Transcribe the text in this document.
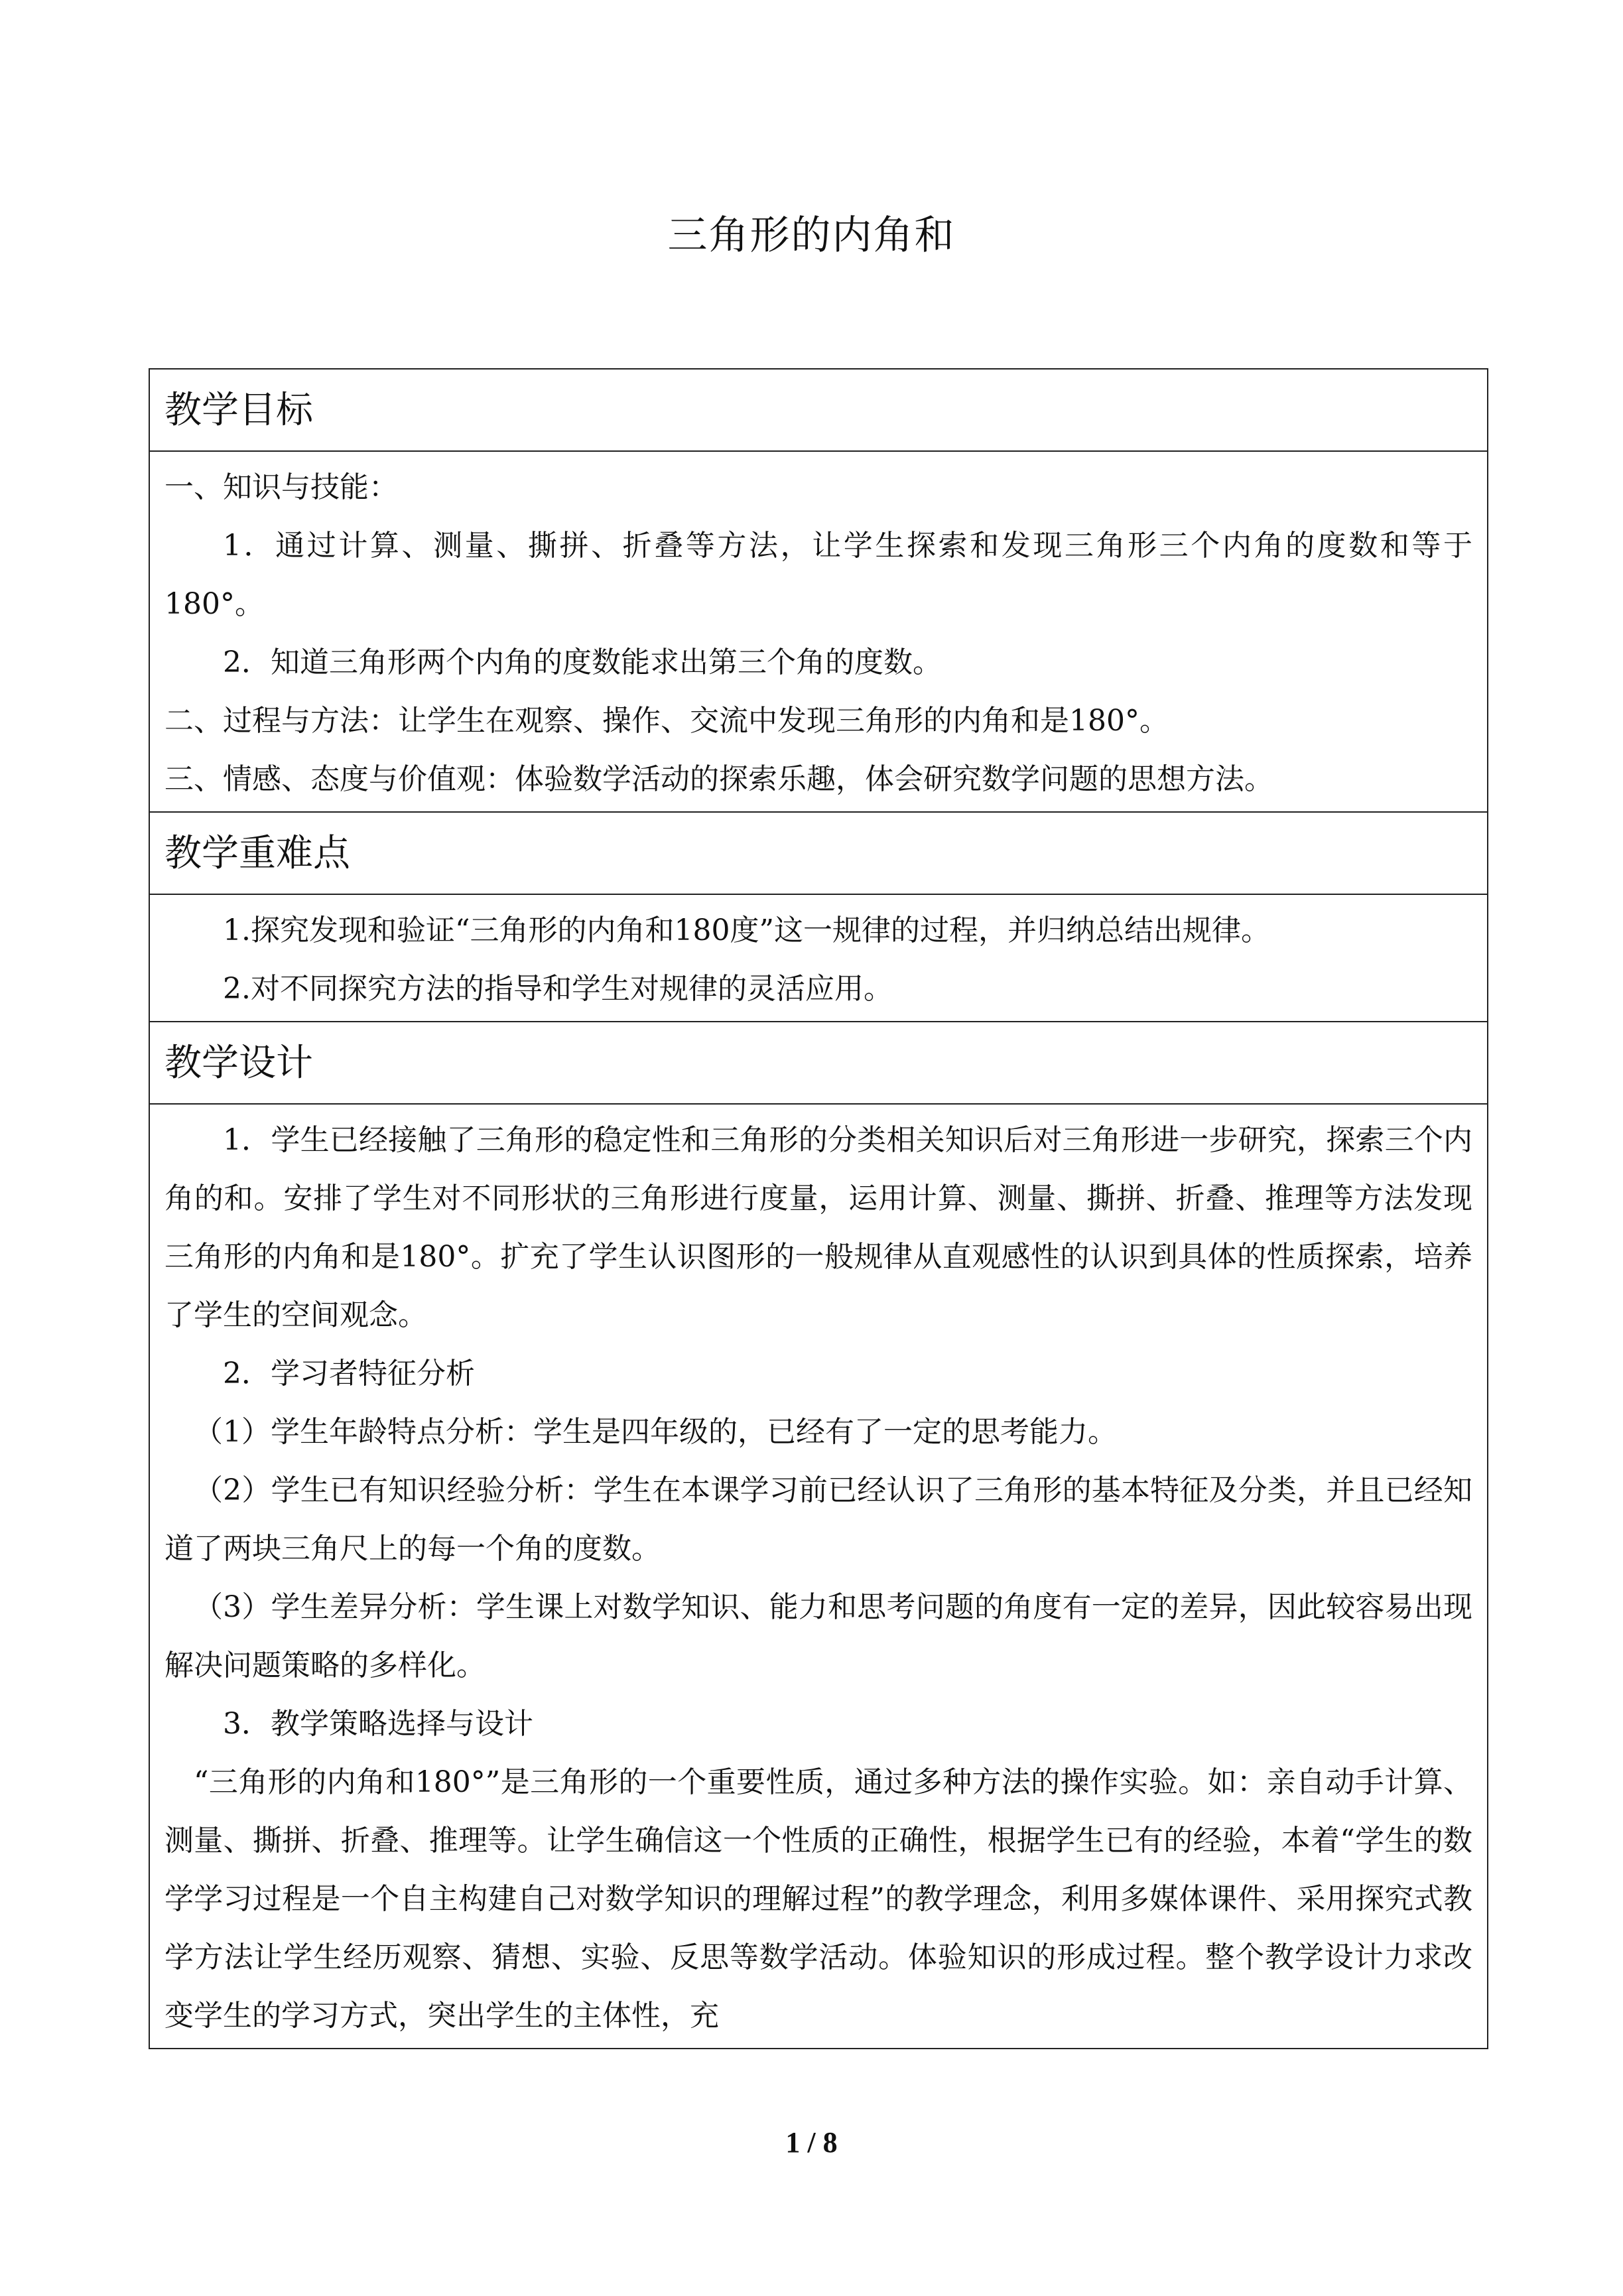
三角形的内角和
教学目标

一、知识与技能：

1．通过计算、测量、撕拼、折叠等方法，让学生探索和发现三角形三个内角的度数和等于180°。

2．知道三角形两个内角的度数能求出第三个角的度数。

二、过程与方法：让学生在观察、操作、交流中发现三角形的内角和是180°。

三、情感、态度与价值观：体验数学活动的探索乐趣，体会研究数学问题的思想方法。

教学重难点

1.探究发现和验证“三角形的内角和180度”这一规律的过程，并归纳总结出规律。

2.对不同探究方法的指导和学生对规律的灵活应用。

教学设计

1．学生已经接触了三角形的稳定性和三角形的分类相关知识后对三角形进一步研究，探索三个内角的和。安排了学生对不同形状的三角形进行度量，运用计算、测量、撕拼、折叠、推理等方法发现三角形的内角和是180°。扩充了学生认识图形的一般规律从直观感性的认识到具体的性质探索，培养了学生的空间观念。

2．学习者特征分析

（1）学生年龄特点分析：学生是四年级的，已经有了一定的思考能力。

（2）学生已有知识经验分析：学生在本课学习前已经认识了三角形的基本特征及分类，并且已经知道了两块三角尺上的每一个角的度数。

（3）学生差异分析：学生课上对数学知识、能力和思考问题的角度有一定的差异，因此较容易出现解决问题策略的多样化。

3．教学策略选择与设计

“三角形的内角和180°”是三角形的一个重要性质，通过多种方法的操作实验。如：亲自动手计算、测量、撕拼、折叠、推理等。让学生确信这一个性质的正确性，根据学生已有的经验，本着“学生的数学学习过程是一个自主构建自己对数学知识的理解过程”的教学理念，利用多媒体课件、采用探究式教学方法让学生经历观察、猜想、实验、反思等数学活动。体验知识的形成过程。整个教学设计力求改变学生的学习方式，突出学生的主体性，充

1 / 8
